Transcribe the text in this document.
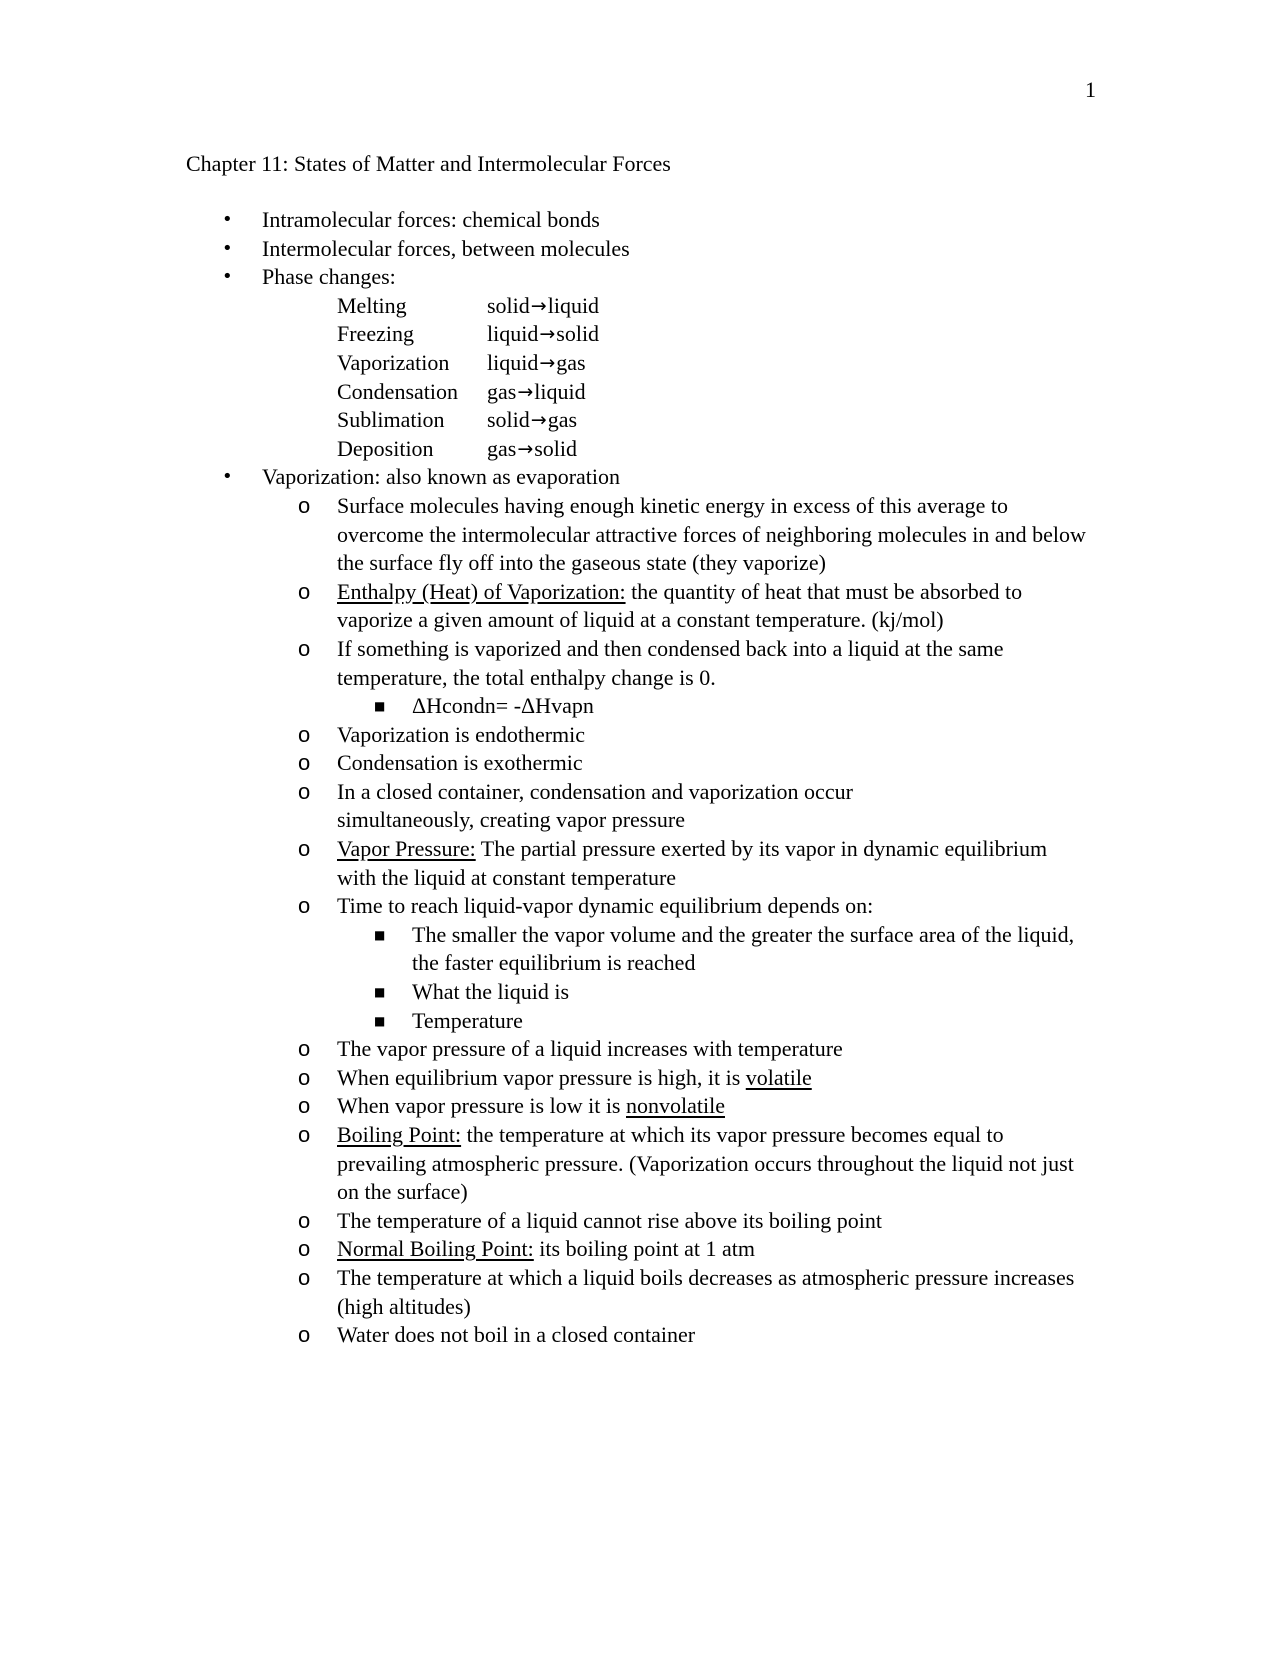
1
Chapter 11: States of Matter and Intermolecular Forces
• Intramolecular forces: chemical bonds
• Intermolecular forces, between molecules
• Phase changes:
Melting	solid → liquid
Freezing	liquid → solid
Vaporization	liquid → gas
Condensation	gas → liquid
Sublimation	solid → gas
Deposition	gas → solid
• Vaporization: also known as evaporation
o Surface molecules having enough kinetic energy in excess of this average to overcome the intermolecular attractive forces of neighboring molecules in and below the surface fly off into the gaseous state (they vaporize)
o Enthalpy (Heat) of Vaporization: the quantity of heat that must be absorbed to vaporize a given amount of liquid at a constant temperature. (kj/mol)
o If something is vaporized and then condensed back into a liquid at the same temperature, the total enthalpy change is 0.
■ ΔHcondn= -ΔHvapn
o Vaporization is endothermic
o Condensation is exothermic
o In a closed container, condensation and vaporization occur simultaneously, creating vapor pressure
o Vapor Pressure: The partial pressure exerted by its vapor in dynamic equilibrium with the liquid at constant temperature
o Time to reach liquid-vapor dynamic equilibrium depends on:
■ The smaller the vapor volume and the greater the surface area of the liquid, the faster equilibrium is reached
■ What the liquid is
■ Temperature
o The vapor pressure of a liquid increases with temperature
o When equilibrium vapor pressure is high, it is volatile
o When vapor pressure is low it is nonvolatile
o Boiling Point: the temperature at which its vapor pressure becomes equal to prevailing atmospheric pressure. (Vaporization occurs throughout the liquid not just on the surface)
o The temperature of a liquid cannot rise above its boiling point
o Normal Boiling Point: its boiling point at 1 atm
o The temperature at which a liquid boils decreases as atmospheric pressure increases (high altitudes)
o Water does not boil in a closed container
